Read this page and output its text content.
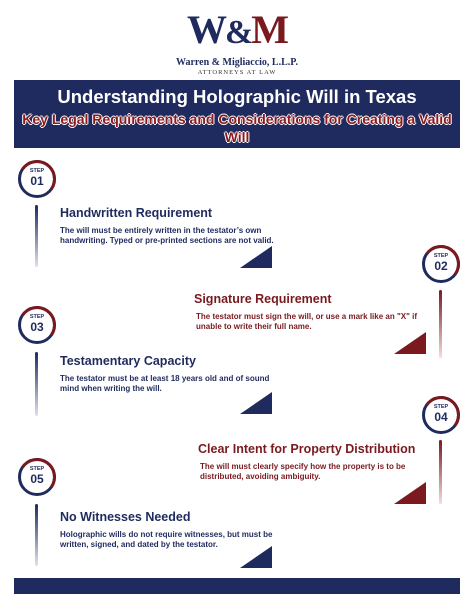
W&M
Warren & Migliaccio, L.L.P.
ATTORNEYS AT LAW
Understanding Holographic Will in Texas
Key Legal Requirements and Considerations for Creating a Valid Will
STEP
01
Handwritten Requirement
The will must be entirely written in the testator’s own handwriting. Typed or pre-printed sections are not valid.
STEP
02
Signature Requirement
The testator must sign the will, or use a mark like an "X" if unable to write their full name.
STEP
03
Testamentary Capacity
The testator must be at least 18 years old and of sound mind when writing the will.
STEP
04
Clear Intent for Property Distribution
The will must clearly specify how the property is to be distributed, avoiding ambiguity.
STEP
05
No Witnesses Needed
Holographic wills do not require witnesses, but must be written, signed, and dated by the testator.
